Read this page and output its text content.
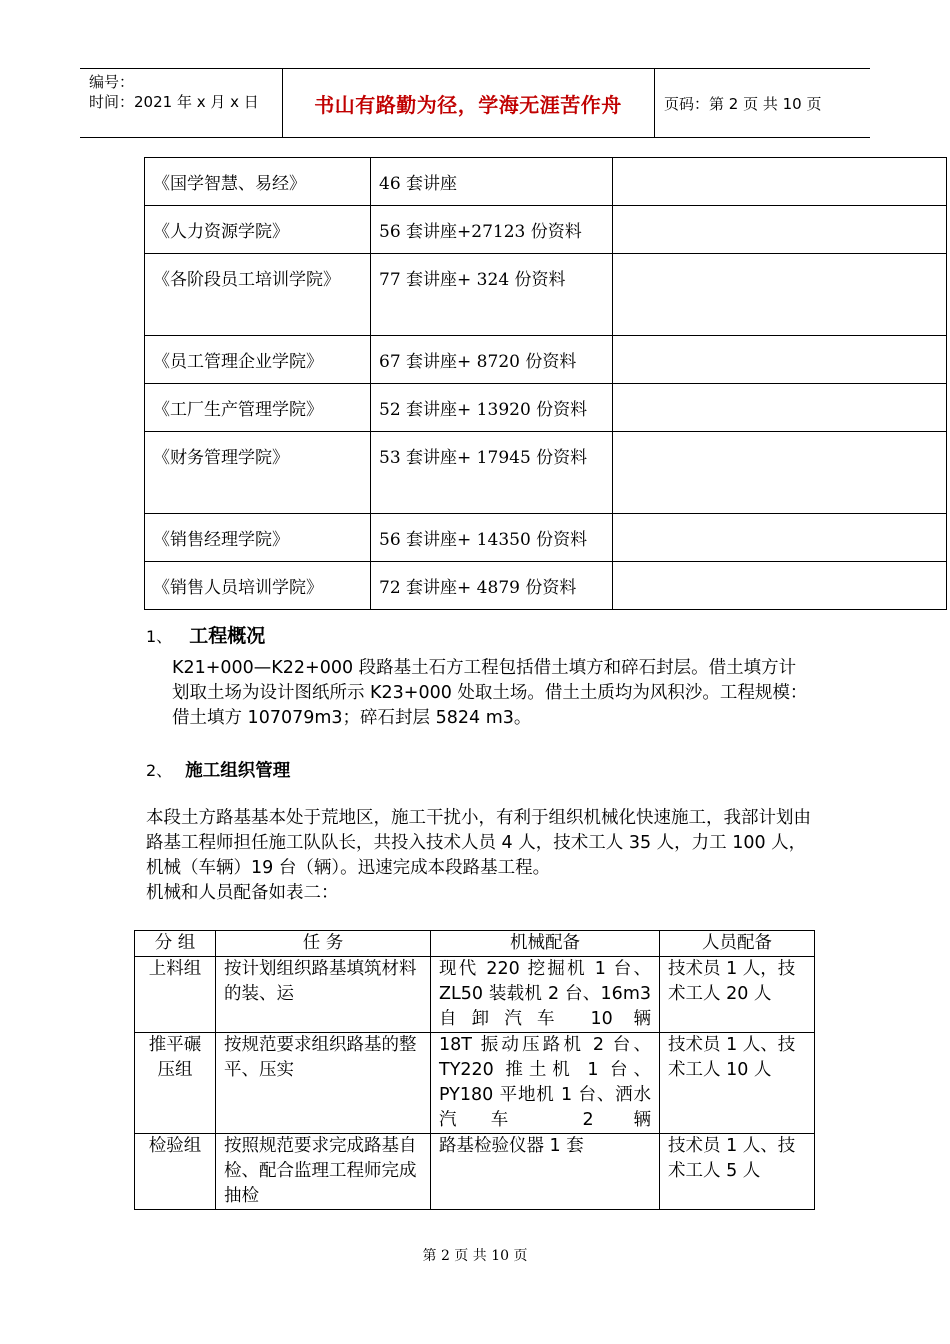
编号：
时间：2021 年 x 月 x 日	书山有路勤为径，学海无涯苦作舟	页码：第 2 页 共 10 页
《国学智慧、易经》	46 套讲座	
《人力资源学院》	56 套讲座+27123 份资料	
《各阶段员工培训学院》	77 套讲座+ 324 份资料	
《员工管理企业学院》	67 套讲座+ 8720 份资料	
《工厂生产管理学院》	52 套讲座+ 13920 份资料	
《财务管理学院》	53 套讲座+ 17945 份资料	
《销售经理学院》	56 套讲座+ 14350 份资料	
《销售人员培训学院》	72 套讲座+ 4879 份资料	
1、 工程概况
K21+000—K22+000 段路基土石方工程包括借土填方和碎石封层。借土填方计划取土场为设计图纸所示 K23+000 处取土场。借土土质均为风积沙。工程规模：借土填方 107079m3；碎石封层 5824 m3。
2、 施工组织管理
本段土方路基基本处于荒地区，施工干扰小，有利于组织机械化快速施工，我部计划由路基工程师担任施工队队长，共投入技术人员 4 人，技术工人 35 人，力工 100 人，机械（车辆）19 台（辆）。迅速完成本段路基工程。
机械和人员配备如表二：
分 组	任 务	机械配备	人员配备
上料组	按计划组织路基填筑材料的装、运	现代 220 挖掘机 1 台、ZL50 装载机 2 台、16m3 自卸汽车 10 辆	技术员 1 人，技术工人 20 人
推平碾压组	按规范要求组织路基的整平、压实	18T 振动压路机 2 台、TY220 推土机 1 台、PY180 平地机 1 台、洒水汽车 2 辆	技术员 1 人、技术工人 10 人
检验组	按照规范要求完成路基自检、配合监理工程师完成抽检	路基检验仪器 1 套	技术员 1 人、技术工人 5 人
第 2 页 共 10 页
